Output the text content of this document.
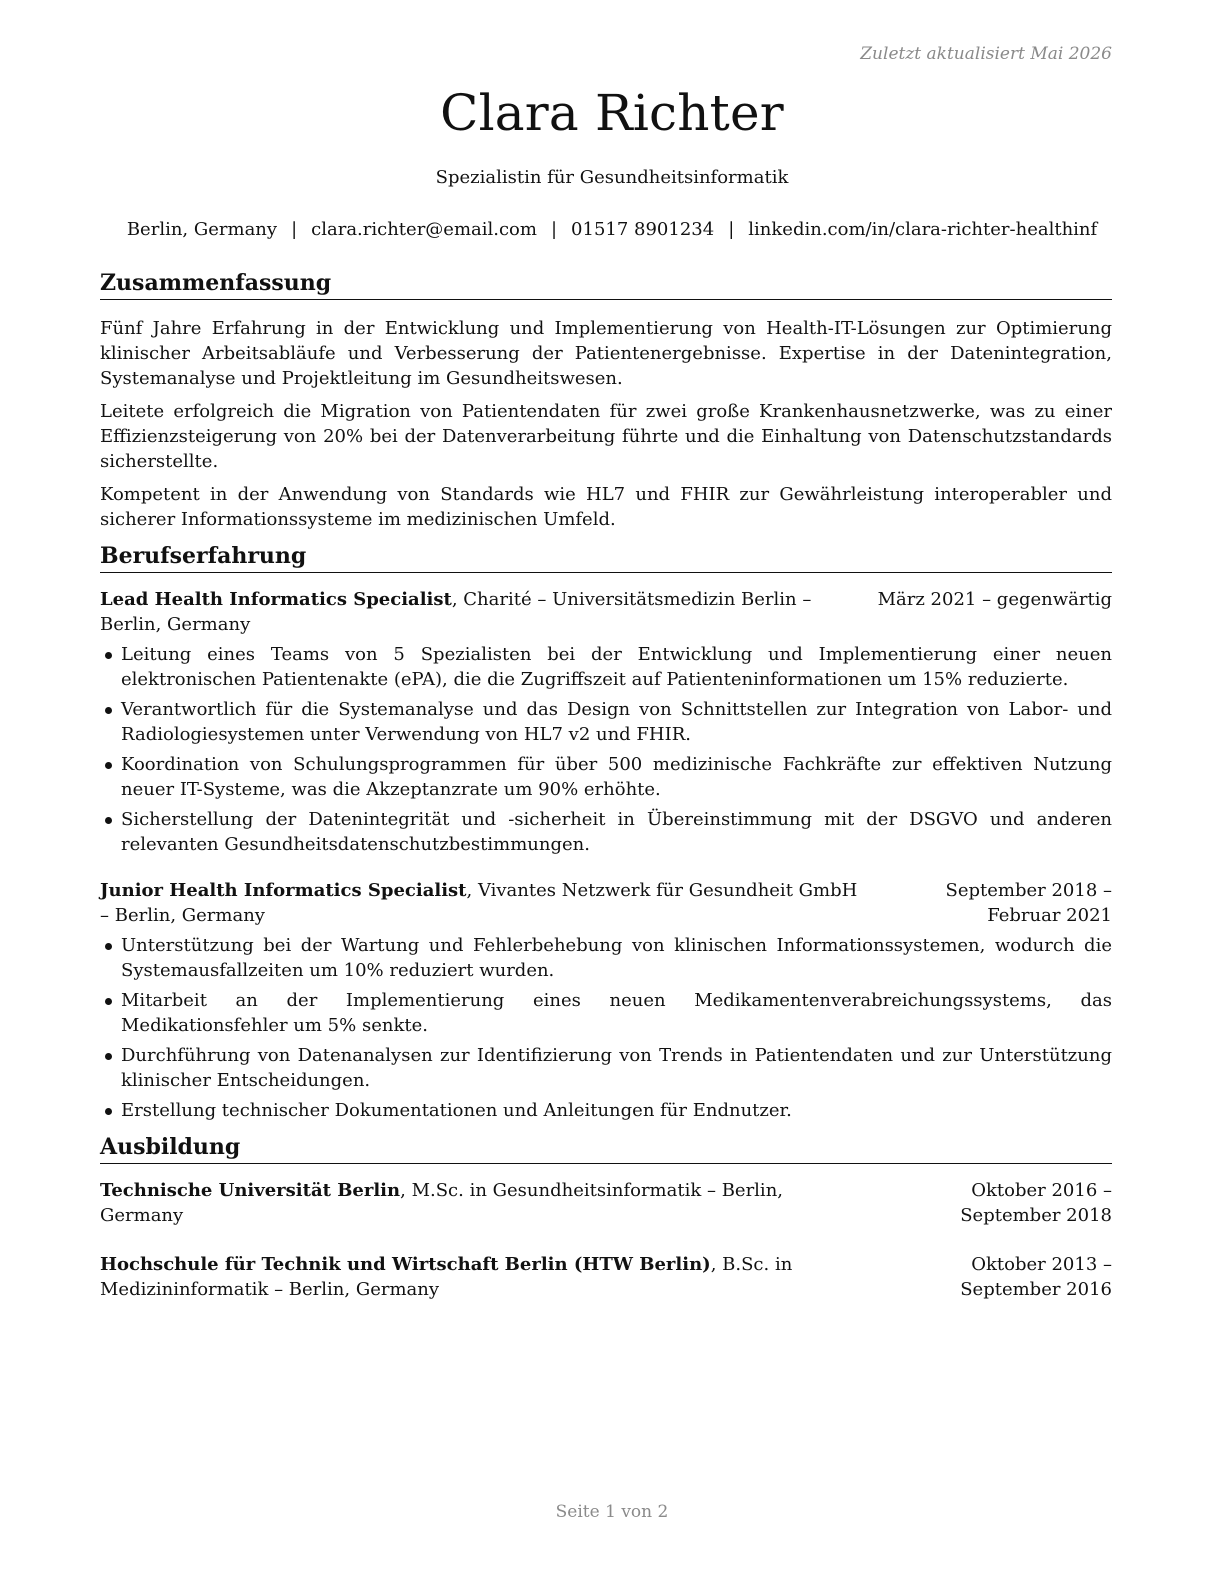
Zuletzt aktualisiert Mai 2026
Clara Richter
Spezialistin für Gesundheitsinformatik
Berlin, Germany | clara.richter@email.com | 01517 8901234 | linkedin.com/in/clara-richter-healthinf
Zusammenfassung

Fünf Jahre Erfahrung in der Entwicklung und Implementierung von Health-IT-Lösungen zur Optimierung klinischer Arbeitsabläufe und Verbesserung der Patientenergebnisse. Expertise in der Datenintegration, Systemanalyse und Projektleitung im Gesundheitswesen.

Leitete erfolgreich die Migration von Patientendaten für zwei große Krankenhausnetzwerke, was zu einer Effizienzsteigerung von 20% bei der Datenverarbeitung führte und die Einhaltung von Datenschutzstandards sicherstellte.

Kompetent in der Anwendung von Standards wie HL7 und FHIR zur Gewährleistung interoperabler und sicherer Informationssysteme im medizinischen Umfeld.

Berufserfahrung
Lead Health Informatics Specialist, Charité – Universitätsmedizin Berlin – Berlin, Germany
März 2021 – gegenwärtig
Leitung eines Teams von 5 Spezialisten bei der Entwicklung und Implementierung einer neuen elektronischen Patientenakte (ePA), die die Zugriffszeit auf Patienteninformationen um 15% reduzierte.
Verantwortlich für die Systemanalyse und das Design von Schnittstellen zur Integration von Labor- und Radiologiesystemen unter Verwendung von HL7 v2 und FHIR.
Koordination von Schulungsprogrammen für über 500 medizinische Fachkräfte zur effektiven Nutzung neuer IT-Systeme, was die Akzeptanzrate um 90% erhöhte.
Sicherstellung der Datenintegrität und -sicherheit in Übereinstimmung mit der DSGVO und anderen relevanten Gesundheitsdatenschutzbestimmungen.
Junior Health Informatics Specialist, Vivantes Netzwerk für Gesundheit GmbH – Berlin, Germany
September 2018 – Februar 2021
Unterstützung bei der Wartung und Fehlerbehebung von klinischen Informationssystemen, wodurch die Systemausfallzeiten um 10% reduziert wurden.
Mitarbeit an der Implementierung eines neuen Medikamentenverabreichungssystems, das Medikationsfehler um 5% senkte.
Durchführung von Datenanalysen zur Identifizierung von Trends in Patientendaten und zur Unterstützung klinischer Entscheidungen.
Erstellung technischer Dokumentationen und Anleitungen für Endnutzer.
Ausbildung
Technische Universität Berlin, M.Sc. in Gesundheitsinformatik – Berlin, Germany
Oktober 2016 – September 2018
Hochschule für Technik und Wirtschaft Berlin (HTW Berlin), B.Sc. in Medizininformatik – Berlin, Germany
Oktober 2013 – September 2016
Seite 1 von 2
